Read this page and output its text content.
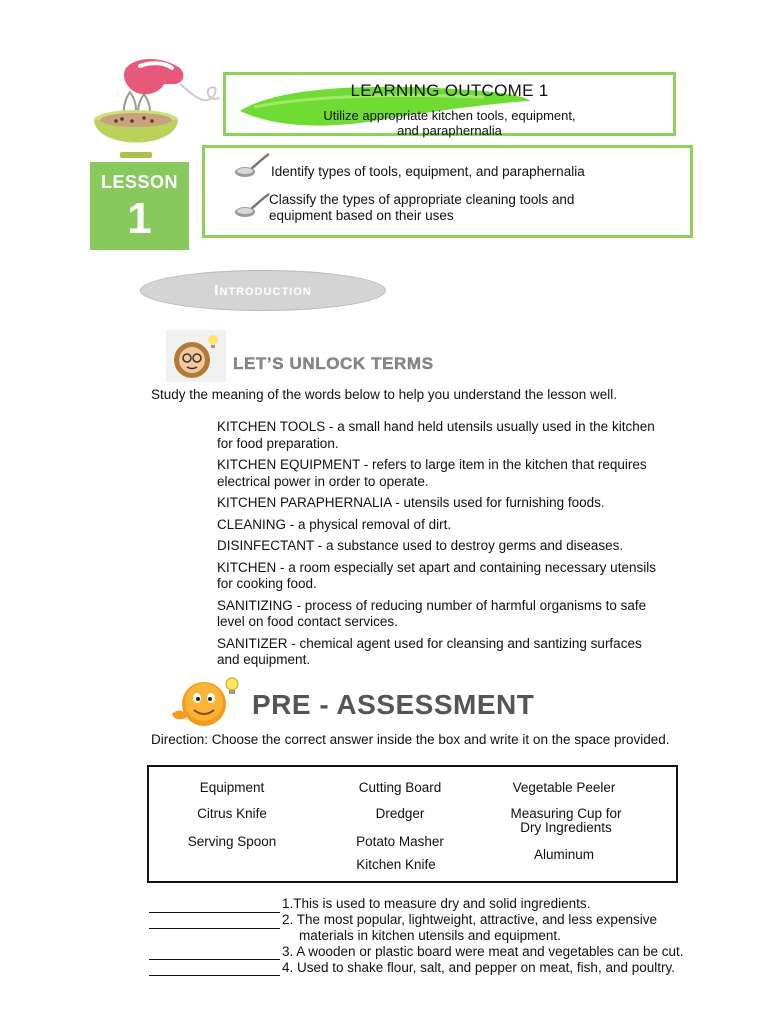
LEARNING OUTCOME 1
Utilize appropriate kitchen tools, equipment,
and paraphernalia
LESSON
1
Identify types of tools, equipment, and paraphernalia
Classify the types of appropriate cleaning tools and
equipment based on their uses
Introduction
LET’S UNLOCK TERMS
Study the meaning of the words below to help you understand the lesson well.
KITCHEN TOOLS - a small hand held utensils usually used in the kitchen
for food preparation.
KITCHEN EQUIPMENT - refers to large item in the kitchen that requires
electrical power in order to operate.
KITCHEN PARAPHERNALIA - utensils used for furnishing foods.
CLEANING - a physical removal of dirt.
DISINFECTANT - a substance used to destroy germs and diseases.
KITCHEN - a room especially set apart and containing necessary utensils
for cooking food.
SANITIZING - process of reducing number of harmful organisms to safe
level on food contact services.
SANITIZER - chemical agent used for cleansing and santizing surfaces
and equipment.
PRE - ASSESSMENT
Direction: Choose the correct answer inside the box and write it on the space provided.
Equipment
Citrus Knife
Serving Spoon
Cutting Board
Dredger
Potato Masher
Kitchen Knife
Vegetable Peeler
Measuring Cup for
Dry Ingredients
Aluminum
1.This is used to measure dry and solid ingredients.
2. The most popular, lightweight, attractive, and less expensive
materials in kitchen utensils and equipment.
3. A wooden or plastic board were meat and vegetables can be cut.
4. Used to shake flour, salt, and pepper on meat, fish, and poultry.
